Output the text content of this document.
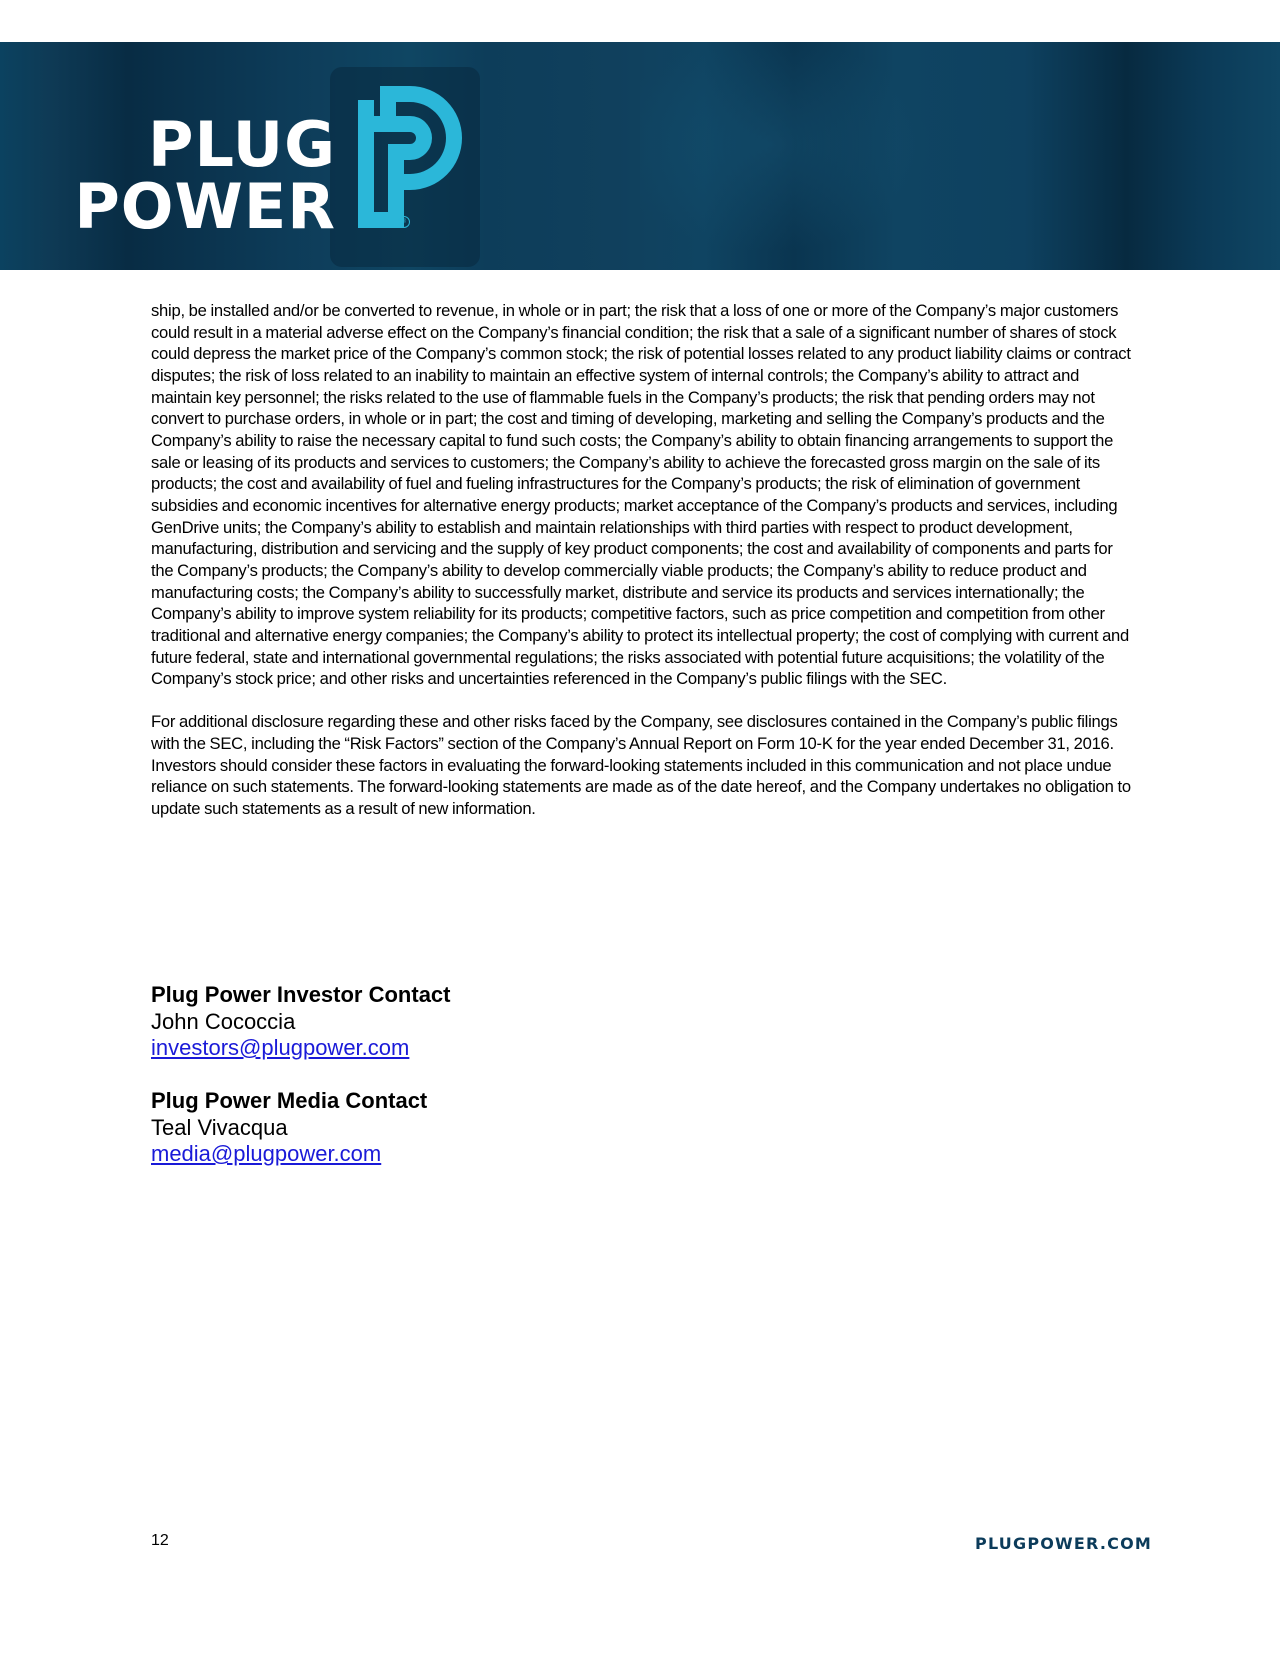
PLUG
POWER	®

ship, be installed and/or be converted to revenue, in whole or in part; the risk that a loss of one or more of the Company’s major customers could result in a material adverse effect on the Company’s financial condition; the risk that a sale of a significant number of shares of stock could depress the market price of the Company’s common stock; the risk of potential losses related to any product liability claims or contract disputes; the risk of loss related to an inability to maintain an effective system of internal controls; the Company’s ability to attract and maintain key personnel; the risks related to the use of flammable fuels in the Company’s products; the risk that pending orders may not convert to purchase orders, in whole or in part; the cost and timing of developing, marketing and selling the Company’s products and the Company’s ability to raise the necessary capital to fund such costs; the Company’s ability to obtain financing arrangements to support the sale or leasing of its products and services to customers; the Company’s ability to achieve the forecasted gross margin on the sale of its products; the cost and availability of fuel and fueling infrastructures for the Company’s products; the risk of elimination of government subsidies and economic incentives for alternative energy products; market acceptance of the Company’s products and services, including GenDrive units; the Company’s ability to establish and maintain relationships with third parties with respect to product development, manufacturing, distribution and servicing and the supply of key product components; the cost and availability of components and parts for the Company’s products; the Company’s ability to develop commercially viable products; the Company’s ability to reduce product and manufacturing costs; the Company’s ability to successfully market, distribute and service its products and services internationally; the Company’s ability to improve system reliability for its products; competitive factors, such as price competition and competition from other traditional and alternative energy companies; the Company’s ability to protect its intellectual property; the cost of complying with current and future federal, state and international governmental regulations; the risks associated with potential future acquisitions; the volatility of the Company’s stock price; and other risks and uncertainties referenced in the Company’s public filings with the SEC.

For additional disclosure regarding these and other risks faced by the Company, see disclosures contained in the Company’s public filings with the SEC, including the “Risk Factors” section of the Company’s Annual Report on Form 10-K for the year ended December 31, 2016. Investors should consider these factors in evaluating the forward-looking statements included in this communication and not place undue reliance on such statements. The forward-looking statements are made as of the date hereof, and the Company undertakes no obligation to update such statements as a result of new information.

Plug Power Investor Contact
John Cococcia
investors@plugpower.com
Plug Power Media Contact
Teal Vivacqua
media@plugpower.com
12	PLUGPOWER.COM
